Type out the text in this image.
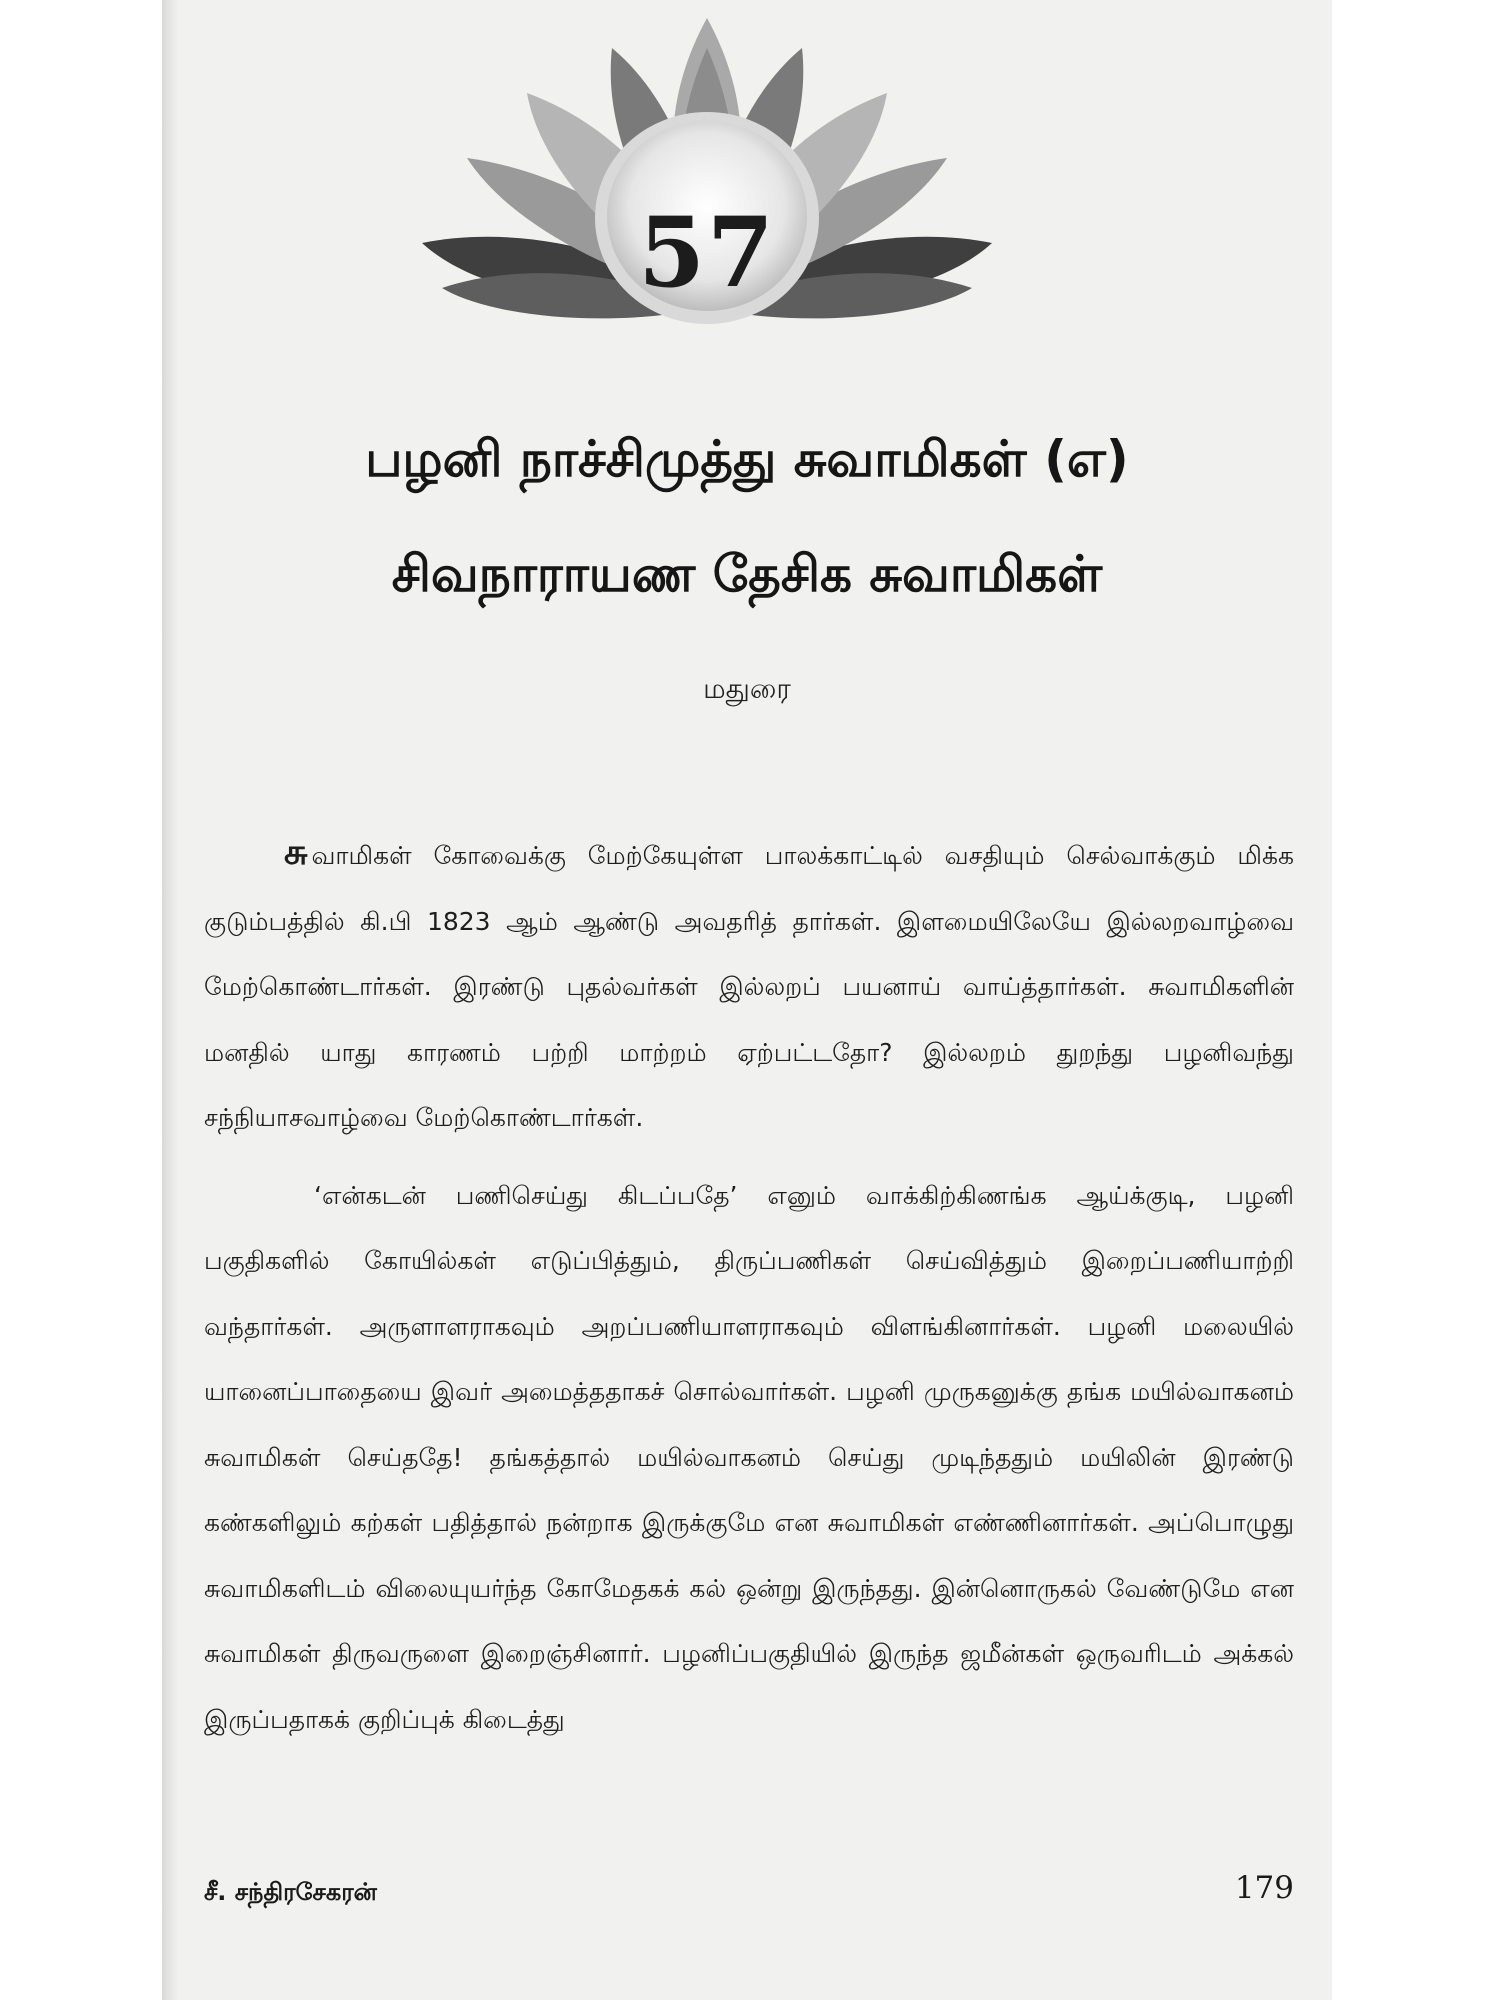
57
பழனி நாச்சிமுத்து சுவாமிகள் (எ)
சிவநாராயண தேசிக சுவாமிகள்
மதுரை

சு வாமிகள் கோவைக்கு மேற்கேயுள்ள பாலக்காட்டில் வசதியும் செல்வாக்கும் மிக்க குடும்பத்தில் கி.பி 1823 ஆம் ஆண்டு அவதரித் தார்கள். இளமையிலேயே இல்லறவாழ்வை மேற்கொண்டார்கள். இரண்டு புதல்வர்கள் இல்லறப் பயனாய் வாய்த்தார்கள். சுவாமிகளின் மனதில் யாது காரணம் பற்றி மாற்றம் ஏற்பட்டதோ? இல்லறம் துறந்து பழனிவந்து சந்நியாசவாழ்வை மேற்கொண்டார்கள்.

‘என்கடன் பணிசெய்து கிடப்பதே’ எனும் வாக்கிற்கிணங்க ஆய்க்குடி, பழனி பகுதிகளில் கோயில்கள் எடுப்பித்தும், திருப்பணிகள் செய்வித்தும் இறைப்பணியாற்றி வந்தார்கள். அருளாளராகவும் அறப்பணியாளராகவும் விளங்கினார்கள். பழனி மலையில் யானைப்பாதையை இவர் அமைத்ததாகச் சொல்வார்கள். பழனி முருகனுக்கு தங்க மயில்வாகனம் சுவாமிகள் செய்ததே! தங்கத்தால் மயில்வாகனம் செய்து முடிந்ததும் மயிலின் இரண்டு கண்களிலும் கற்கள் பதித்தால் நன்றாக இருக்குமே என சுவாமிகள் எண்ணினார்கள். அப்பொழுது சுவாமிகளிடம் விலையுயர்ந்த கோமேதகக் கல் ஒன்று இருந்தது. இன்னொருகல் வேண்டுமே என சுவாமிகள் திருவருளை இறைஞ்சினார். பழனிப்பகுதியில் இருந்த ஜமீன்கள் ஒருவரிடம் அக்கல் இருப்பதாகக் குறிப்புக் கிடைத்து

சீ. சந்திரசேகரன்	179
